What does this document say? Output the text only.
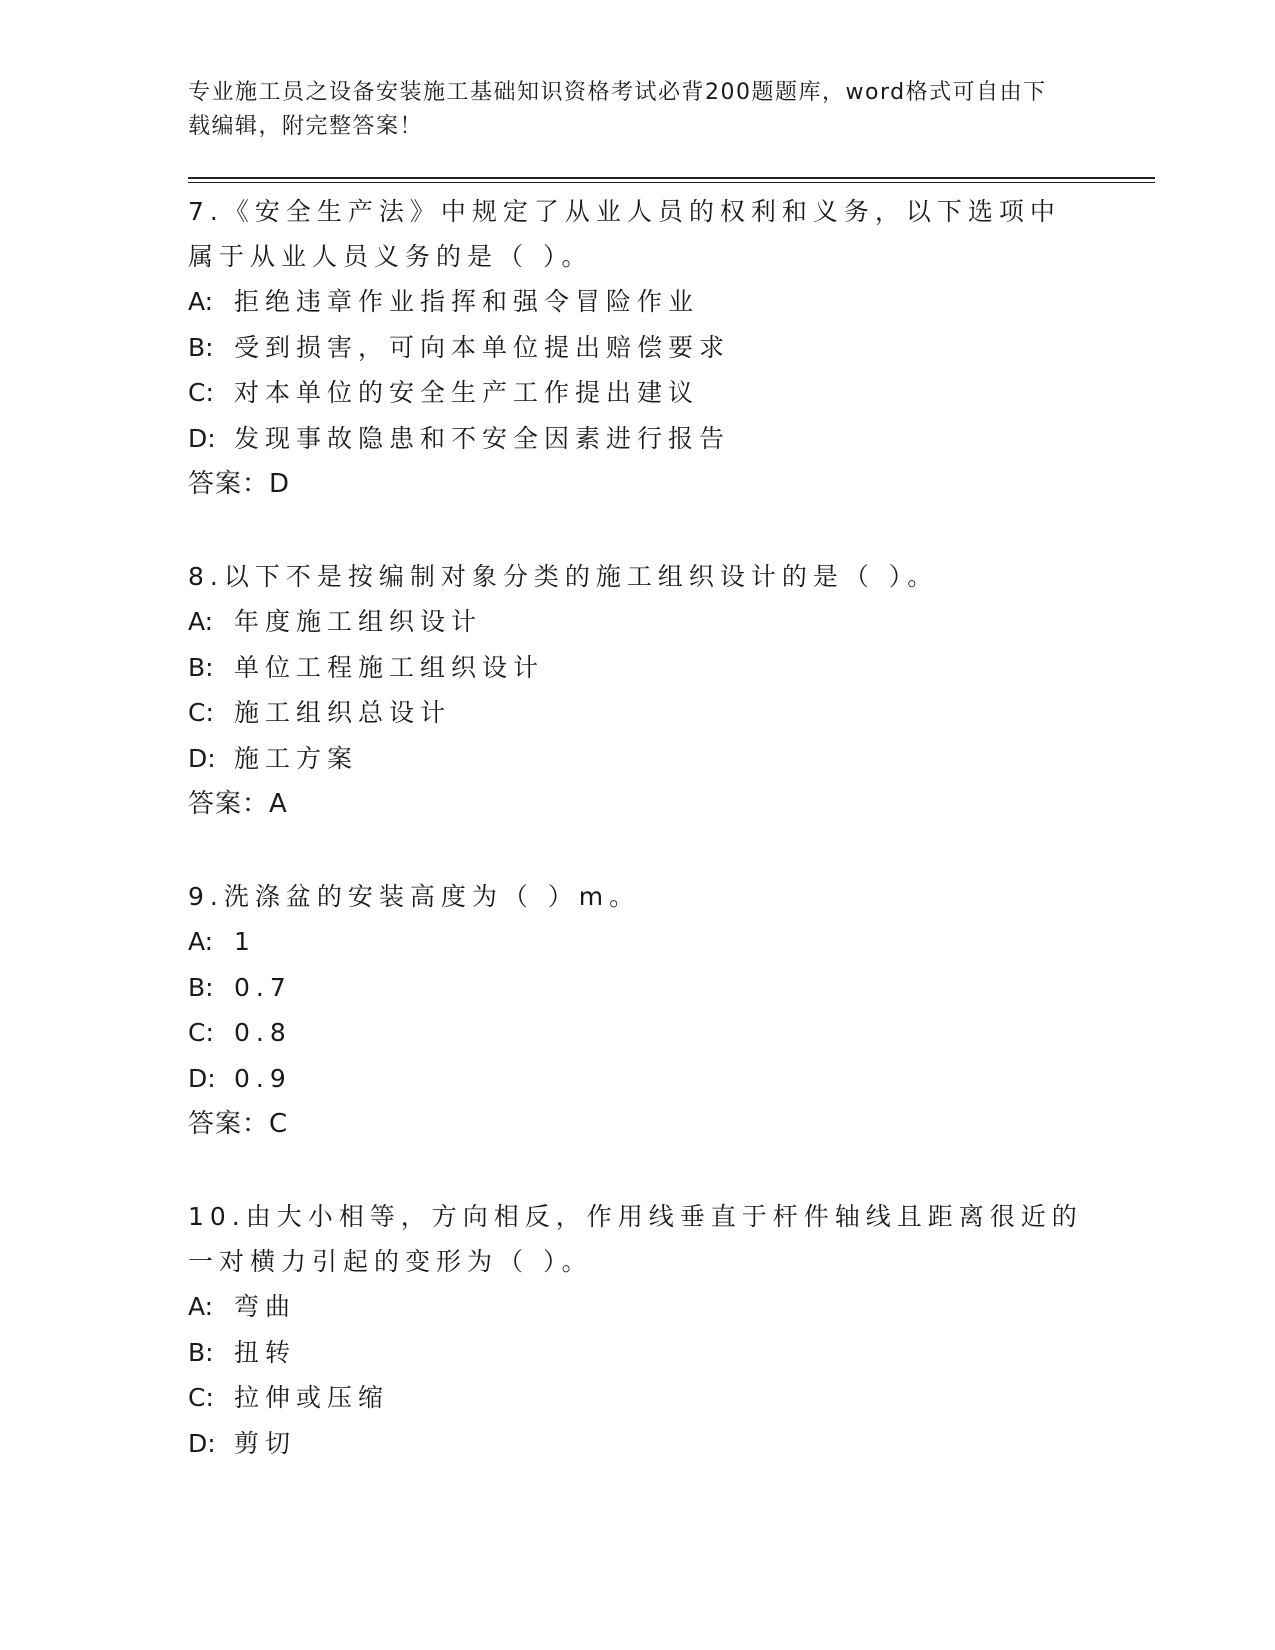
专业施工员之设备安装施工基础知识资格考试必背200题题库，word格式可自由下载编辑，附完整答案！

7.《安全生产法》中规定了从业人员的权利和义务，以下选项中属于从业人员义务的是（ ）。

A: 拒绝违章作业指挥和强令冒险作业

B: 受到损害，可向本单位提出赔偿要求

C: 对本单位的安全生产工作提出建议

D: 发现事故隐患和不安全因素进行报告

答案：D

8.以下不是按编制对象分类的施工组织设计的是（ ）。

A: 年度施工组织设计

B: 单位工程施工组织设计

C: 施工组织总设计

D: 施工方案

答案：A

9.洗涤盆的安装高度为（ ）m。

A: 1

B: 0.7

C: 0.8

D: 0.9

答案：C

10.由大小相等，方向相反，作用线垂直于杆件轴线且距离很近的一对横力引起的变形为（ ）。

A: 弯曲

B: 扭转

C: 拉伸或压缩

D: 剪切
